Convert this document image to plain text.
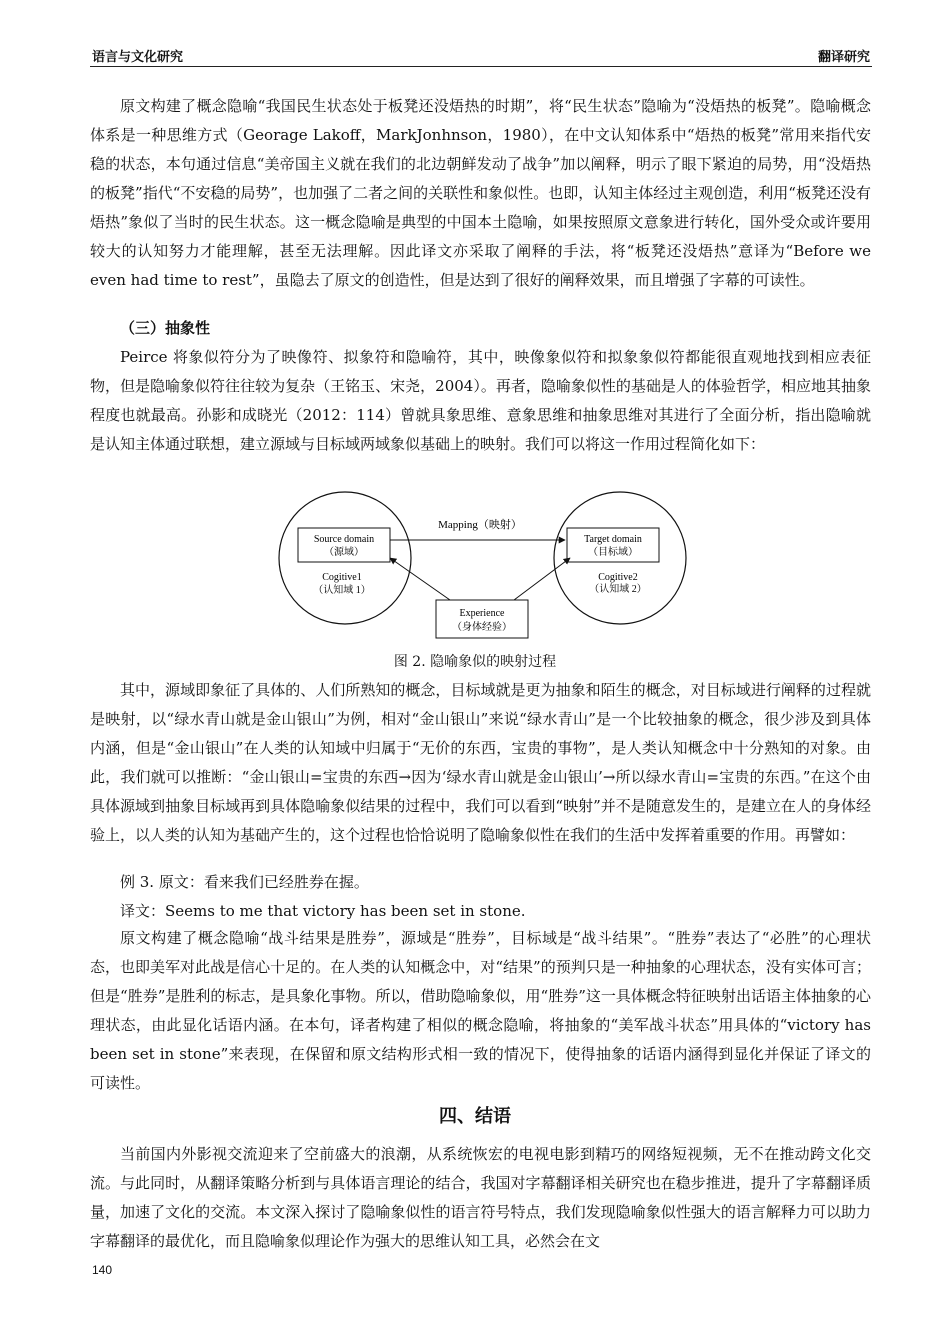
语言与文化研究	翻译研究

原文构建了概念隐喻“我国民生状态处于板凳还没焐热的时期”，将“民生状态”隐喻为“没焐热的板凳”。隐喻概念体系是一种思维方式（Georage Lakoff，MarkJonhnson，1980），在中文认知体系中“焐热的板凳”常用来指代安稳的状态，本句通过信息“美帝国主义就在我们的北边朝鲜发动了战争”加以阐释，明示了眼下紧迫的局势，用“没焐热的板凳”指代“不安稳的局势”，也加强了二者之间的关联性和象似性。也即，认知主体经过主观创造，利用“板凳还没有焐热”象似了当时的民生状态。这一概念隐喻是典型的中国本土隐喻，如果按照原文意象进行转化，国外受众或许要用较大的认知努力才能理解，甚至无法理解。因此译文亦采取了阐释的手法，将“板凳还没焐热”意译为“Before we even had time to rest”，虽隐去了原文的创造性，但是达到了很好的阐释效果，而且增强了字幕的可读性。

（三）抽象性

Peirce 将象似符分为了映像符、拟象符和隐喻符，其中，映像象似符和拟象象似符都能很直观地找到相应表征物，但是隐喻象似符往往较为复杂（王铭玉、宋尧，2004）。再者，隐喻象似性的基础是人的体验哲学，相应地其抽象程度也就最高。孙影和成晓光（2012：114）曾就具象思维、意象思维和抽象思维对其进行了全面分析，指出隐喻就是认知主体通过联想，建立源域与目标域两域象似基础上的映射。我们可以将这一作用过程简化如下：

Mapping（映射）
Source domain
（源域）
Cogitive1
（认知域 1）
Target domain
（目标域）
Cogitive2
（认知域 2）
Experience
（身体经验）
图 2. 隐喻象似的映射过程

其中，源域即象征了具体的、人们所熟知的概念，目标域就是更为抽象和陌生的概念，对目标域进行阐释的过程就是映射，以“绿水青山就是金山银山”为例，相对“金山银山”来说“绿水青山”是一个比较抽象的概念，很少涉及到具体内涵，但是“金山银山”在人类的认知域中归属于“无价的东西，宝贵的事物”，是人类认知概念中十分熟知的对象。由此，我们就可以推断：“金山银山=宝贵的东西→因为‘绿水青山就是金山银山’→所以绿水青山=宝贵的东西。”在这个由具体源域到抽象目标域再到具体隐喻象似结果的过程中，我们可以看到“映射”并不是随意发生的，是建立在人的身体经验上，以人类的认知为基础产生的，这个过程也恰恰说明了隐喻象似性在我们的生活中发挥着重要的作用。再譬如：

例 3. 原文：看来我们已经胜券在握。

译文：Seems to me that victory has been set in stone.

原文构建了概念隐喻“战斗结果是胜券”，源域是“胜券”，目标域是“战斗结果”。“胜券”表达了“必胜”的心理状态，也即美军对此战是信心十足的。在人类的认知概念中，对“结果”的预判只是一种抽象的心理状态，没有实体可言；但是“胜券”是胜利的标志，是具象化事物。所以，借助隐喻象似，用“胜券”这一具体概念特征映射出话语主体抽象的心理状态，由此显化话语内涵。在本句，译者构建了相似的概念隐喻，将抽象的“美军战斗状态”用具体的“victory has been set in stone”来表现，在保留和原文结构形式相一致的情况下，使得抽象的话语内涵得到显化并保证了译文的可读性。

四、结语

当前国内外影视交流迎来了空前盛大的浪潮，从系统恢宏的电视电影到精巧的网络短视频，无不在推动跨文化交流。与此同时，从翻译策略分析到与具体语言理论的结合，我国对字幕翻译相关研究也在稳步推进，提升了字幕翻译质量，加速了文化的交流。本文深入探讨了隐喻象似性的语言符号特点，我们发现隐喻象似性强大的语言解释力可以助力字幕翻译的最优化，而且隐喻象似理论作为强大的思维认知工具，必然会在文

140
